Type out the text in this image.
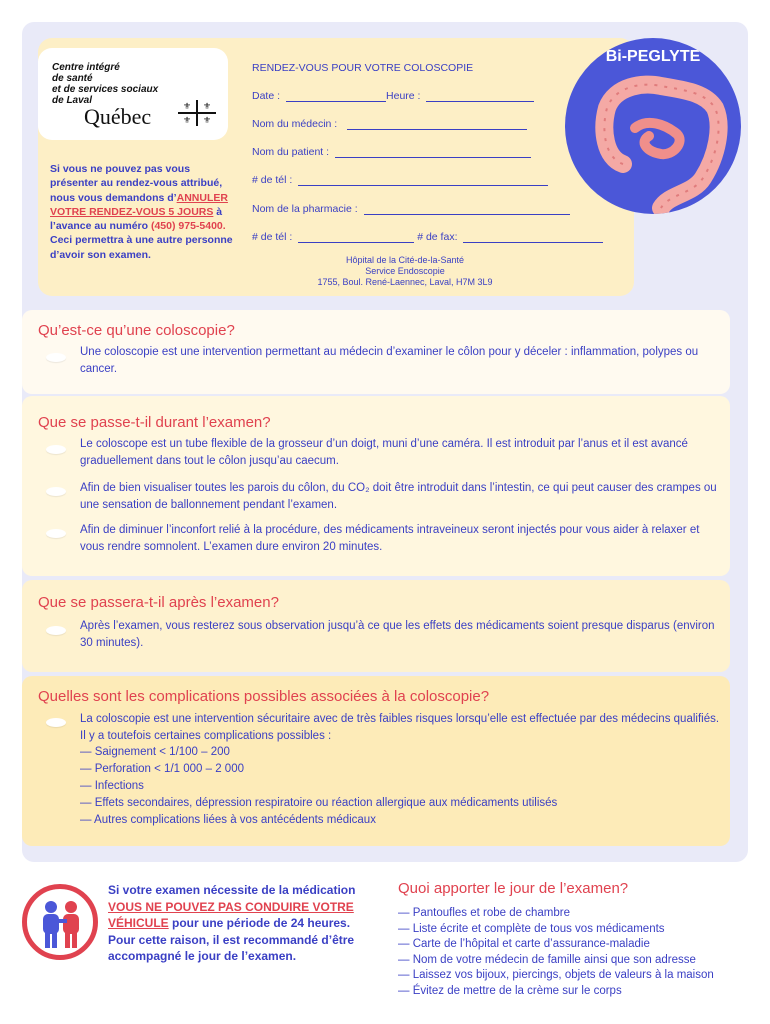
Centre intégré
de santé
et de services sociaux
de Laval
Québec	⚜	⚜
⚜	⚜
Si vous ne pouvez pas vous présenter au rendez-vous attribué, nous vous demandons d’ANNULER VOTRE RENDEZ-VOUS 5 JOURS à l’avance au numéro (450) 975-5400. Ceci permettra à une autre personne d’avoir son examen.
RENDEZ-VOUS POUR VOTRE COLOSCOPIE
Date :	Heure :
Nom du médecin :
Nom du patient :
# de tél :
Nom de la pharmacie :
# de tél :	# de fax:
Hôpital de la Cité-de-la-Santé
Service Endoscopie
1755, Boul. René-Laennec, Laval, H7M 3L9
Bi-PEGLYTE
Qu’est-ce qu’une coloscopie?
Une coloscopie est une intervention permettant au médecin d’examiner le côlon pour y déceler : inflammation, polypes ou cancer.
Que se passe-t-il durant l’examen?
Le coloscope est un tube flexible de la grosseur d’un doigt, muni d’une caméra. Il est introduit par l’anus et il est avancé graduellement dans tout le côlon jusqu’au caecum.
Afin de bien visualiser toutes les parois du côlon, du CO₂ doit être introduit dans l’intestin, ce qui peut causer des crampes ou une sensation de ballonnement pendant l’examen.
Afin de diminuer l’inconfort relié à la procédure, des médicaments intraveineux seront injectés pour vous aider à relaxer et vous rendre somnolent. L’examen dure environ 20 minutes.
Que se passera-t-il après l’examen?
Après l’examen, vous resterez sous observation jusqu’à ce que les effets des médicaments soient presque disparus (environ 30 minutes).
Quelles sont les complications possibles associées à la coloscopie?
La coloscopie est une intervention sécuritaire avec de très faibles risques lorsqu’elle est effectuée par des médecins qualifiés. Il y a toutefois certaines complications possibles :
— Saignement < 1/100 – 200
— Perforation < 1/1 000 – 2 000
— Infections
— Effets secondaires, dépression respiratoire ou réaction allergique aux médicaments utilisés
— Autres complications liées à vos antécédents médicaux
Si votre examen nécessite de la médication VOUS NE POUVEZ PAS CONDUIRE VOTRE VÉHICULE pour une période de 24 heures. Pour cette raison, il est recommandé d’être accompagné le jour de l’examen.
Quoi apporter le jour de l’examen?
— Pantoufles et robe de chambre
— Liste écrite et complète de tous vos médicaments
— Carte de l’hôpital et carte d’assurance-maladie
— Nom de votre médecin de famille ainsi que son adresse
— Laissez vos bijoux, piercings, objets de valeurs à la maison
— Évitez de mettre de la crème sur le corps
